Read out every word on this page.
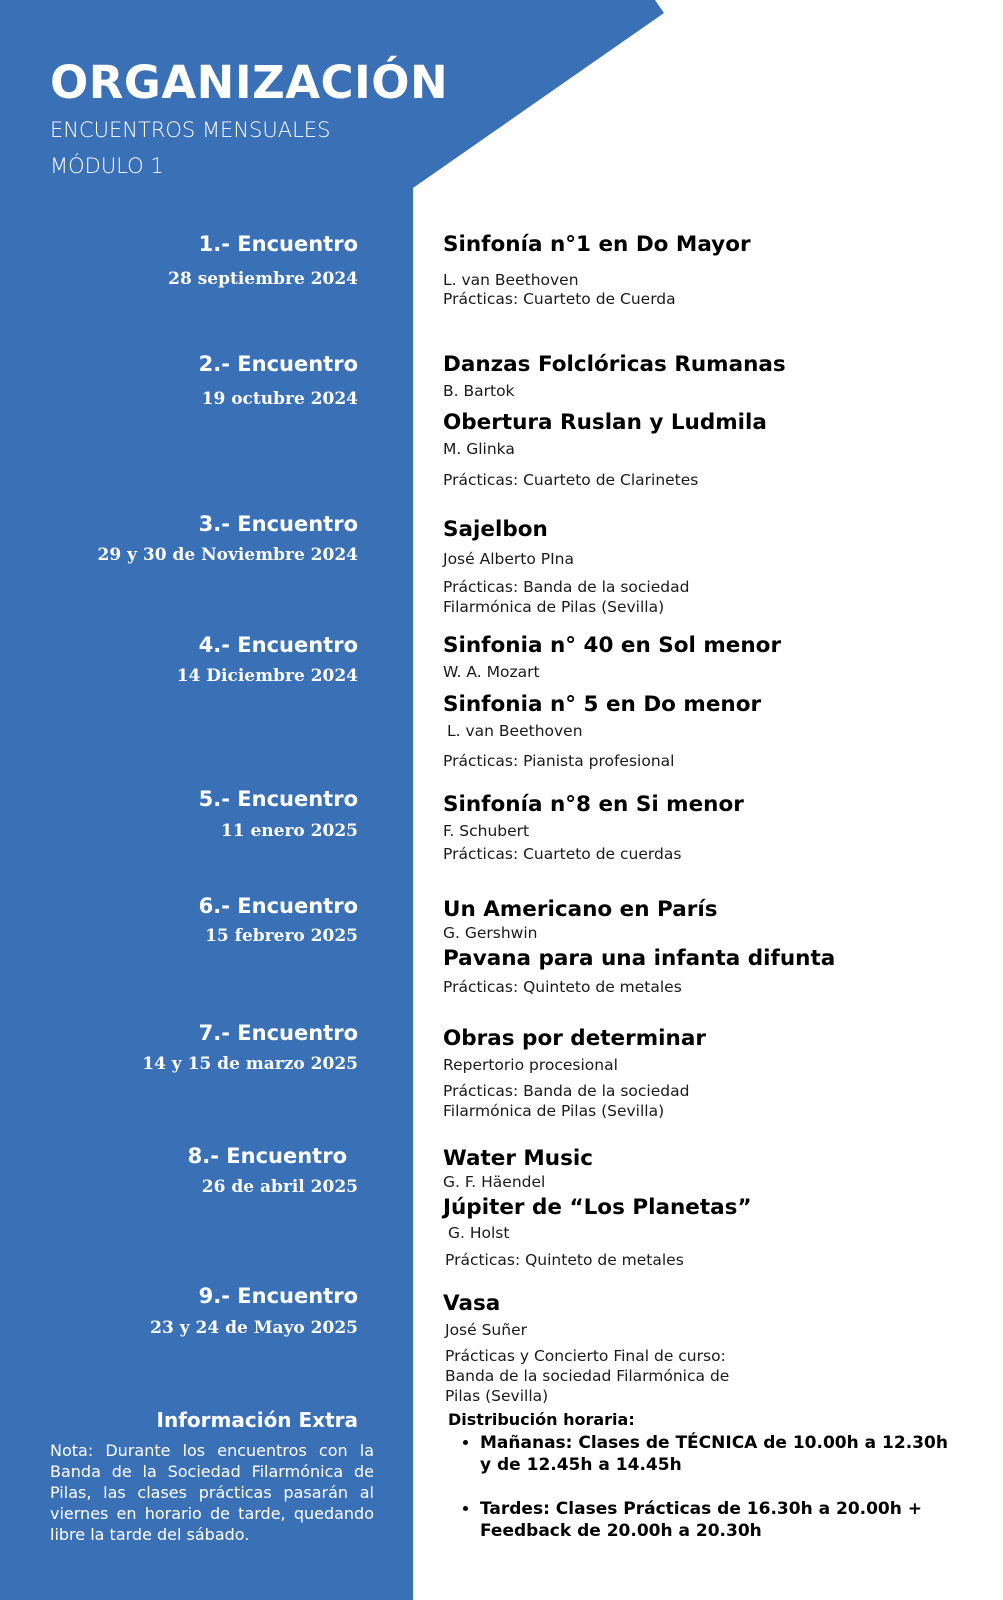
ORGANIZACIÓN
ENCUENTROS MENSUALES
MÓDULO 1
1.- Encuentro
28 septiembre 2024
2.- Encuentro
19 octubre 2024
3.- Encuentro
29 y 30 de Noviembre 2024
4.- Encuentro
14 Diciembre 2024
5.- Encuentro
11 enero 2025
6.- Encuentro
15 febrero 2025
7.- Encuentro
14 y 15 de marzo 2025
8.- Encuentro
26 de abril 2025
9.- Encuentro
23 y 24 de Mayo 2025
Información Extra
Nota: Durante los encuentros con la Banda de la Sociedad Filarmónica de Pilas, las clases prácticas pasarán al viernes en horario de tarde, quedando libre la tarde del sábado.
Sinfonía n°1 en Do Mayor
L. van Beethoven
Prácticas: Cuarteto de Cuerda
Danzas Folclóricas Rumanas
B. Bartok
Obertura Ruslan y Ludmila
M. Glinka
Prácticas: Cuarteto de Clarinetes
Sajelbon
José Alberto PIna
Prácticas: Banda de la sociedad
Filarmónica de Pilas (Sevilla)
Sinfonia n° 40 en Sol menor
W. A. Mozart
Sinfonia n° 5 en Do menor
L. van Beethoven
Prácticas: Pianista profesional
Sinfonía n°8 en Si menor
F. Schubert
Prácticas: Cuarteto de cuerdas
Un Americano en París
G. Gershwin
Pavana para una infanta difunta
Prácticas: Quinteto de metales
Obras por determinar
Repertorio procesional
Prácticas: Banda de la sociedad
Filarmónica de Pilas (Sevilla)
Water Music
G. F. Häendel
Júpiter de “Los Planetas”
G. Holst
Prácticas: Quinteto de metales
Vasa
José Suñer
Prácticas y Concierto Final de curso:
Banda de la sociedad Filarmónica de
Pilas (Sevilla)
Distribución horaria:
• Mañanas: Clases de TÉCNICA de 10.00h a 12.30h y de 12.45h a 14.45h
• Tardes: Clases Prácticas de 16.30h a 20.00h + Feedback de 20.00h a 20.30h
